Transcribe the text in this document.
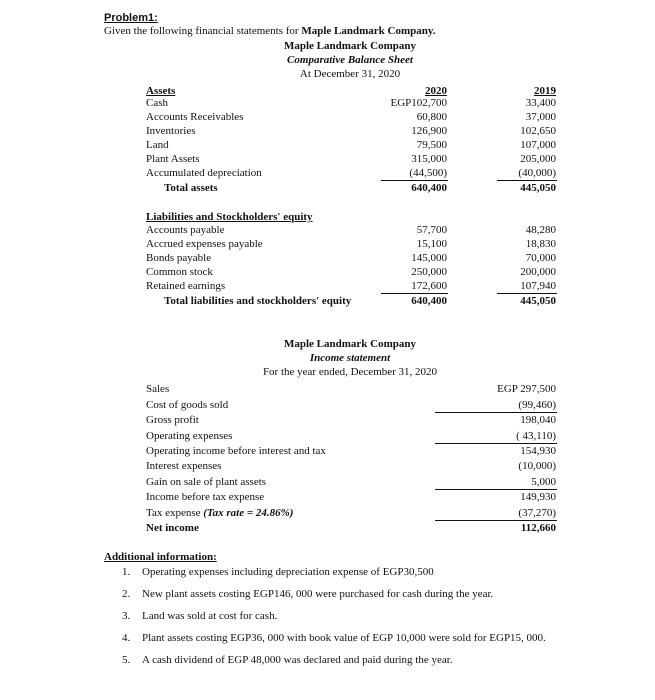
Problem1:
Given the following financial statements for Maple Landmark Company.
Maple Landmark Company
Comparative Balance Sheet
At December 31, 2020
Assets	2020	2019
Cash	EGP102,700	33,400
Accounts Receivables	60,800	37,000
Inventories	126,900	102,650
Land	79,500	107,000
Plant Assets	315,000	205,000
Accumulated depreciation	(44,500)	(40,000)
Total assets	640,400	445,050
Liabilities and Stockholders' equity
Accounts payable	57,700	48,280
Accrued expenses payable	15,100	18,830
Bonds payable	145,000	70,000
Common stock	250,000	200,000
Retained earnings	172,600	107,940
Total liabilities and stockholders' equity	640,400	445,050
Maple Landmark Company
Income statement
For the year ended, December 31, 2020
Sales	EGP 297,500
Cost of goods sold	(99,460)
Gross profit	198,040
Operating expenses	( 43,110)
Operating income before interest and tax	154,930
Interest expenses	(10,000)
Gain on sale of plant assets	5,000
Income before tax expense	149,930
Tax expense (Tax rate = 24.86%)	(37,270)
Net income	112,660
Additional information:
1. Operating expenses including depreciation expense of EGP30,500
2. New plant assets costing EGP146, 000 were purchased for cash during the year.
3. Land was sold at cost for cash.
4. Plant assets costing EGP36, 000 with book value of EGP 10,000 were sold for EGP15, 000.
5. A cash dividend of EGP 48,000 was declared and paid during the year.
